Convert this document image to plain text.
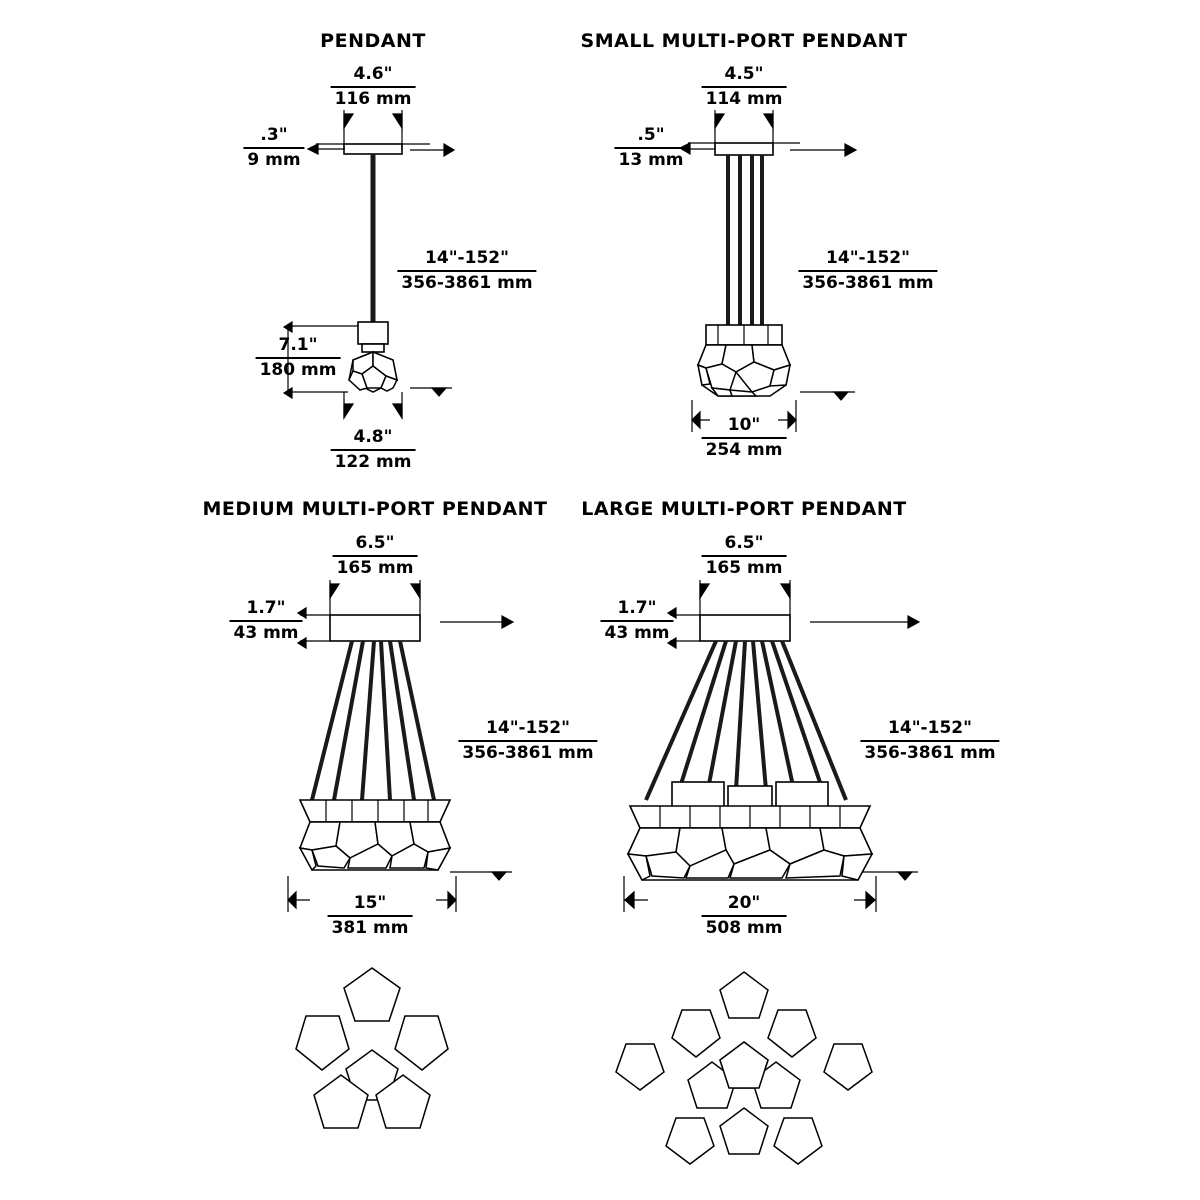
PENDANT
4.6"
116 mm
.3"
9 mm
14"-152"
356-3861 mm
7.1"
180 mm
4.8"
122 mm
SMALL MULTI-PORT PENDANT
4.5"
114 mm
.5"
13 mm
14"-152"
356-3861 mm
10"
254 mm
MEDIUM MULTI-PORT PENDANT
6.5"
165 mm
1.7"
43 mm
14"-152"
356-3861 mm
15"
381 mm
LARGE MULTI-PORT PENDANT
6.5"
165 mm
1.7"
43 mm
14"-152"
356-3861 mm
20"
508 mm
